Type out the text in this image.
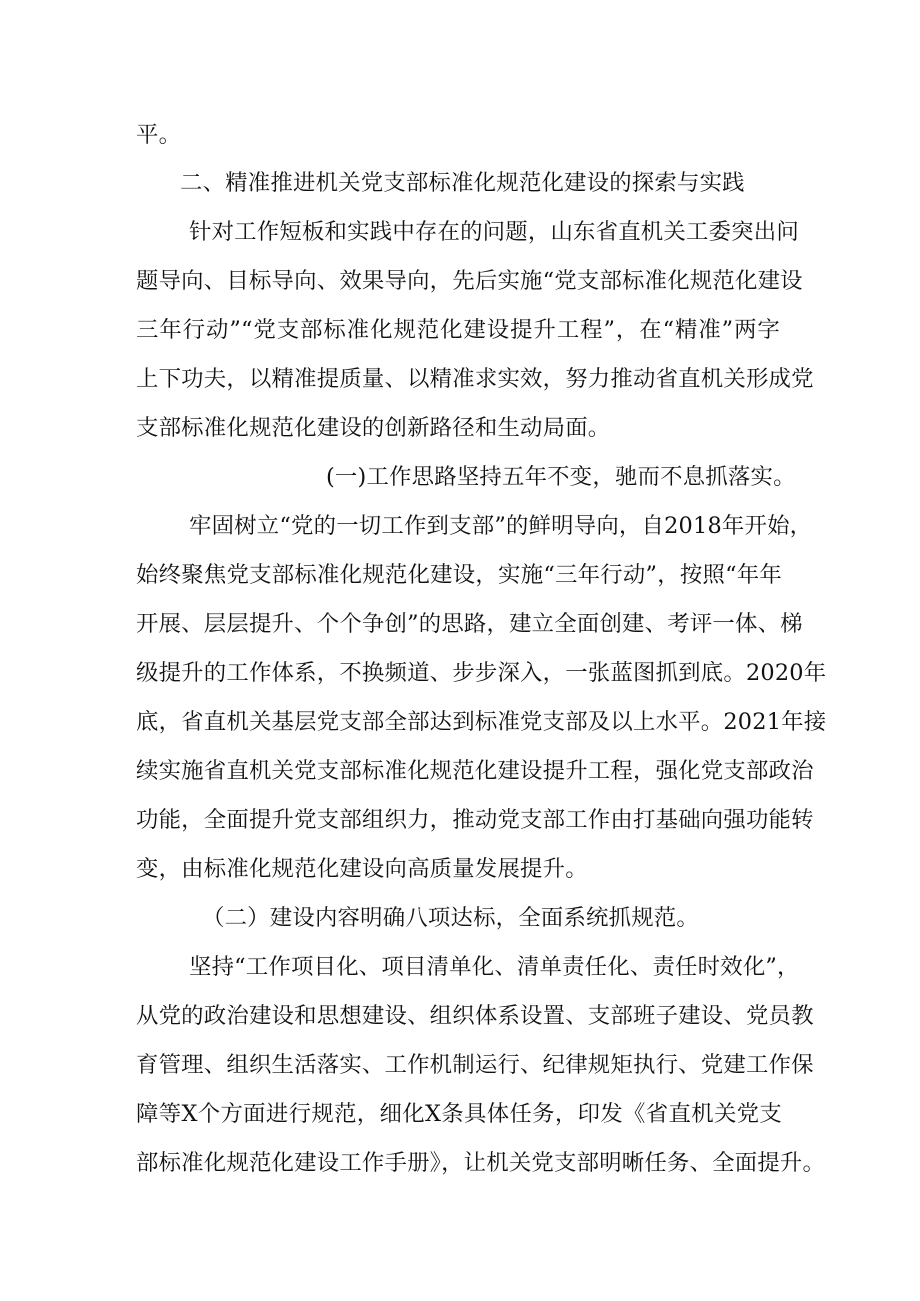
平。
二、精准推进机关党支部标准化规范化建设的探索与实践
针对工作短板和实践中存在的问题，山东省直机关工委突出问
题导向、目标导向、效果导向，先后实施“党支部标准化规范化建设
三年行动”“党支部标准化规范化建设提升工程”，在“精准”两字
上下功夫，以精准提质量、以精准求实效，努力推动省直机关形成党
支部标准化规范化建设的创新路径和生动局面。
(一)工作思路坚持五年不变，驰而不息抓落实。
牢固树立“党的一切工作到支部”的鲜明导向，自2018年开始，
始终聚焦党支部标准化规范化建设，实施“三年行动”，按照“年年
开展、层层提升、个个争创”的思路，建立全面创建、考评一体、梯
级提升的工作体系，不换频道、步步深入，一张蓝图抓到底。2020年
底，省直机关基层党支部全部达到标准党支部及以上水平。2021年接
续实施省直机关党支部标准化规范化建设提升工程，强化党支部政治
功能，全面提升党支部组织力，推动党支部工作由打基础向强功能转
变，由标准化规范化建设向高质量发展提升。
（二）建设内容明确八项达标，全面系统抓规范。
坚持“工作项目化、项目清单化、清单责任化、责任时效化”，
从党的政治建设和思想建设、组织体系设置、支部班子建设、党员教
育管理、组织生活落实、工作机制运行、纪律规矩执行、党建工作保
障等X个方面进行规范，细化X条具体任务，印发《省直机关党支
部标准化规范化建设工作手册》，让机关党支部明晰任务、全面提升。
